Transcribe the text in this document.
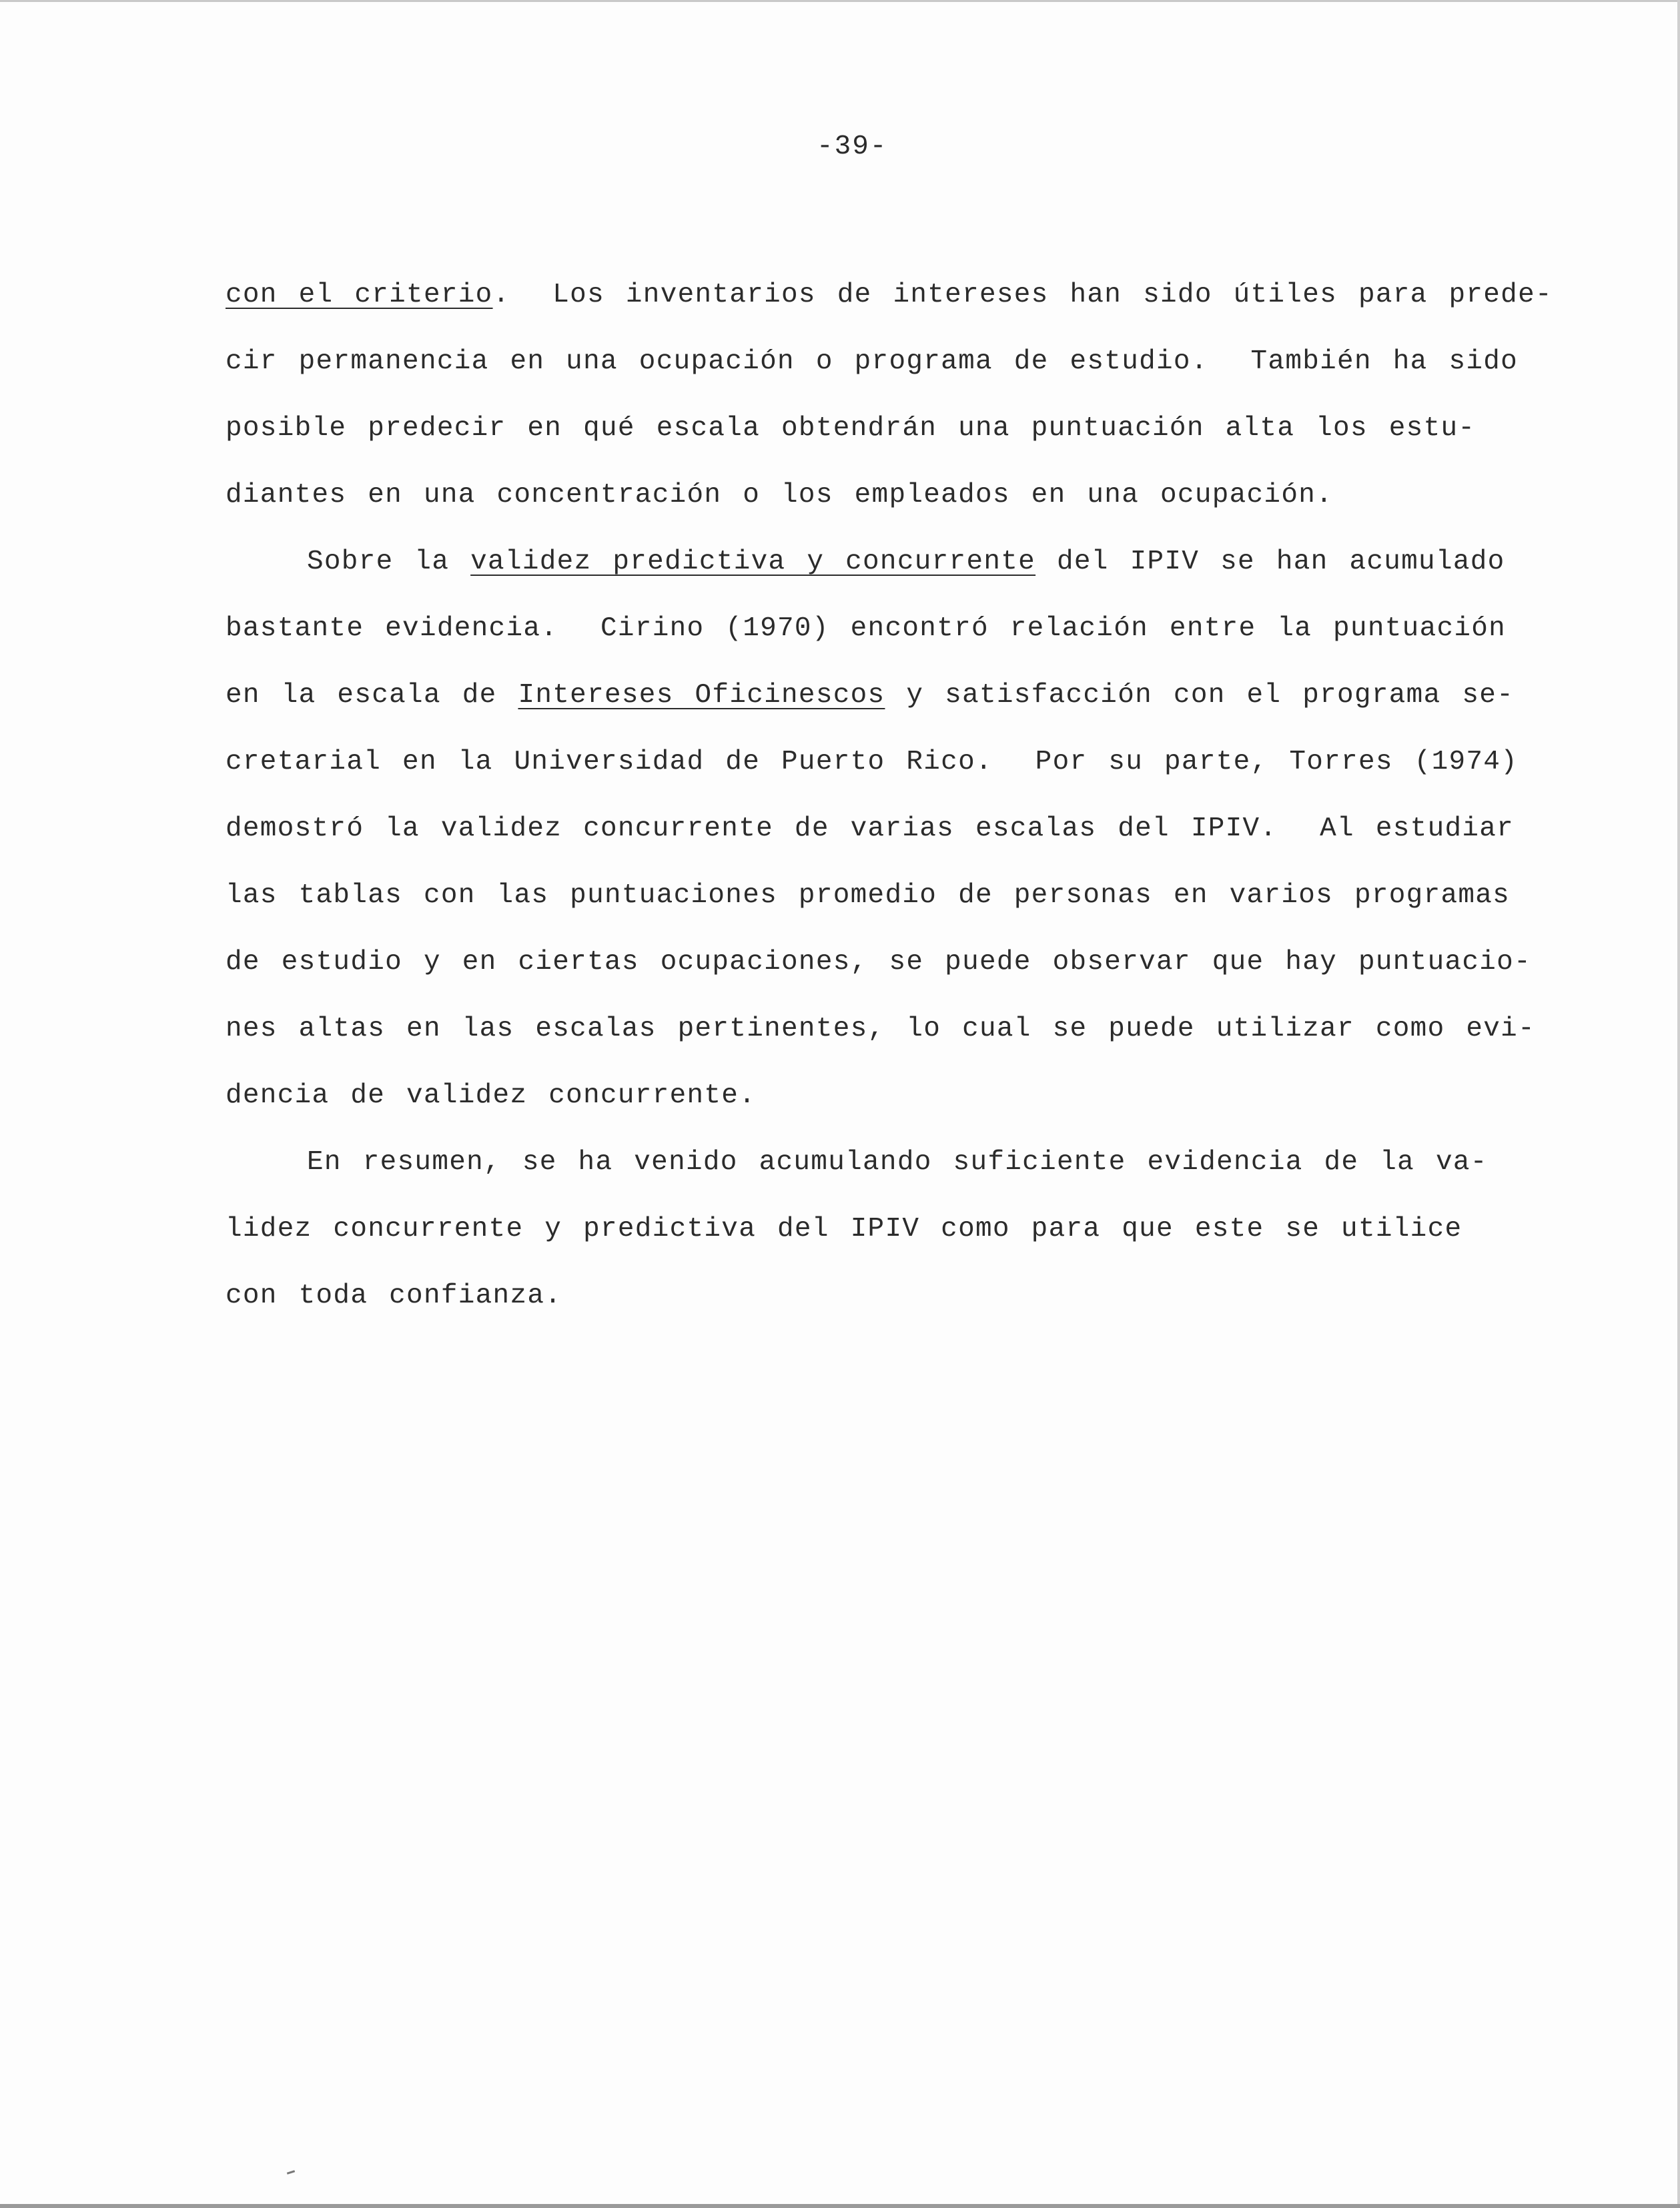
-39-
con el criterio.  Los inventarios de intereses han sido útiles para prede-
cir permanencia en una ocupación o programa de estudio.  También ha sido
posible predecir en qué escala obtendrán una puntuación alta los estu-
diantes en una concentración o los empleados en una ocupación.
Sobre la validez predictiva y concurrente del IPIV se han acumulado
bastante evidencia.  Cirino (1970) encontró relación entre la puntuación
en la escala de Intereses Oficinescos y satisfacción con el programa se-
cretarial en la Universidad de Puerto Rico.  Por su parte, Torres (1974)
demostró la validez concurrente de varias escalas del IPIV.  Al estudiar
las tablas con las puntuaciones promedio de personas en varios programas
de estudio y en ciertas ocupaciones, se puede observar que hay puntuacio-
nes altas en las escalas pertinentes, lo cual se puede utilizar como evi-
dencia de validez concurrente.
En resumen, se ha venido acumulando suficiente evidencia de la va-
lidez concurrente y predictiva del IPIV como para que este se utilice
con toda confianza.
